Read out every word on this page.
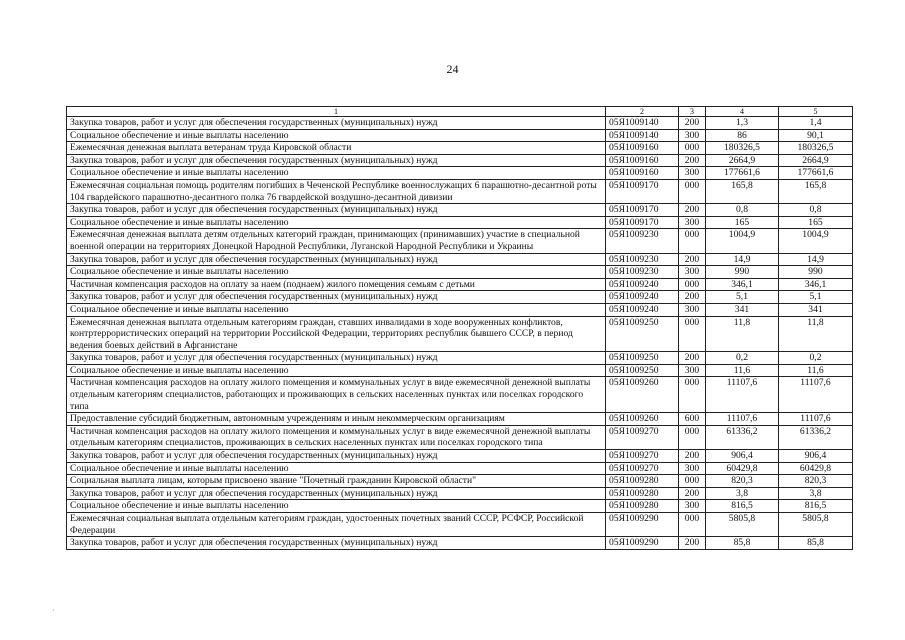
24
1	2	3	4	5
Закупка товаров, работ и услуг для обеспечения государственных (муниципальных) нужд	05Я1009140	200	1,3	1,4
Социальное обеспечение и иные выплаты населению	05Я1009140	300	86	90,1
Ежемесячная денежная выплата ветеранам труда Кировской области	05Я1009160	000	180326,5	180326,5
Закупка товаров, работ и услуг для обеспечения государственных (муниципальных) нужд	05Я1009160	200	2664,9	2664,9
Социальное обеспечение и иные выплаты населению	05Я1009160	300	177661,6	177661,6
Ежемесячная социальная помощь родителям погибших в Чеченской Республике военнослужащих 6 парашютно-десантной роты 104 гвардейского парашютно-десантного полка 76 гвардейской воздушно-десантной дивизии	05Я1009170	000	165,8	165,8
Закупка товаров, работ и услуг для обеспечения государственных (муниципальных) нужд	05Я1009170	200	0,8	0,8
Социальное обеспечение и иные выплаты населению	05Я1009170	300	165	165
Ежемесячная денежная выплата детям отдельных категорий граждан, принимающих (принимавших) участие в специальной военной операции на территориях Донецкой Народной Республики, Луганской Народной Республики и Украины	05Я1009230	000	1004,9	1004,9
Закупка товаров, работ и услуг для обеспечения государственных (муниципальных) нужд	05Я1009230	200	14,9	14,9
Социальное обеспечение и иные выплаты населению	05Я1009230	300	990	990
Частичная компенсация расходов на оплату за наем (поднаем) жилого помещения семьям с детьми	05Я1009240	000	346,1	346,1
Закупка товаров, работ и услуг для обеспечения государственных (муниципальных) нужд	05Я1009240	200	5,1	5,1
Социальное обеспечение и иные выплаты населению	05Я1009240	300	341	341
Ежемесячная денежная выплата отдельным категориям граждан, ставших инвалидами в ходе вооруженных конфликтов, контртеррористических операций на территории Российской Федерации, территориях республик бывшего СССР, в период ведения боевых действий в Афганистане	05Я1009250	000	11,8	11,8
Закупка товаров, работ и услуг для обеспечения государственных (муниципальных) нужд	05Я1009250	200	0,2	0,2
Социальное обеспечение и иные выплаты населению	05Я1009250	300	11,6	11,6
Частичная компенсация расходов на оплату жилого помещения и коммунальных услуг в виде ежемесячной денежной выплаты отдельным категориям специалистов, работающих и проживающих в сельских населенных пунктах или поселках городского типа	05Я1009260	000	11107,6	11107,6
Предоставление субсидий бюджетным, автономным учреждениям и иным некоммерческим организациям	05Я1009260	600	11107,6	11107,6
Частичная компенсация расходов на оплату жилого помещения и коммунальных услуг в виде ежемесячной денежной выплаты отдельным категориям специалистов, проживающих в сельских населенных пунктах или поселках городского типа	05Я1009270	000	61336,2	61336,2
Закупка товаров, работ и услуг для обеспечения государственных (муниципальных) нужд	05Я1009270	200	906,4	906,4
Социальное обеспечение и иные выплаты населению	05Я1009270	300	60429,8	60429,8
Социальная выплата лицам, которым присвоено звание "Почетный гражданин Кировской области"	05Я1009280	000	820,3	820,3
Закупка товаров, работ и услуг для обеспечения государственных (муниципальных) нужд	05Я1009280	200	3,8	3,8
Социальное обеспечение и иные выплаты населению	05Я1009280	300	816,5	816,5
Ежемесячная социальная выплата отдельным категориям граждан, удостоенных почетных званий СССР, РСФСР, Российской Федерации	05Я1009290	000	5805,8	5805,8
Закупка товаров, работ и услуг для обеспечения государственных (муниципальных) нужд	05Я1009290	200	85,8	85,8
·
